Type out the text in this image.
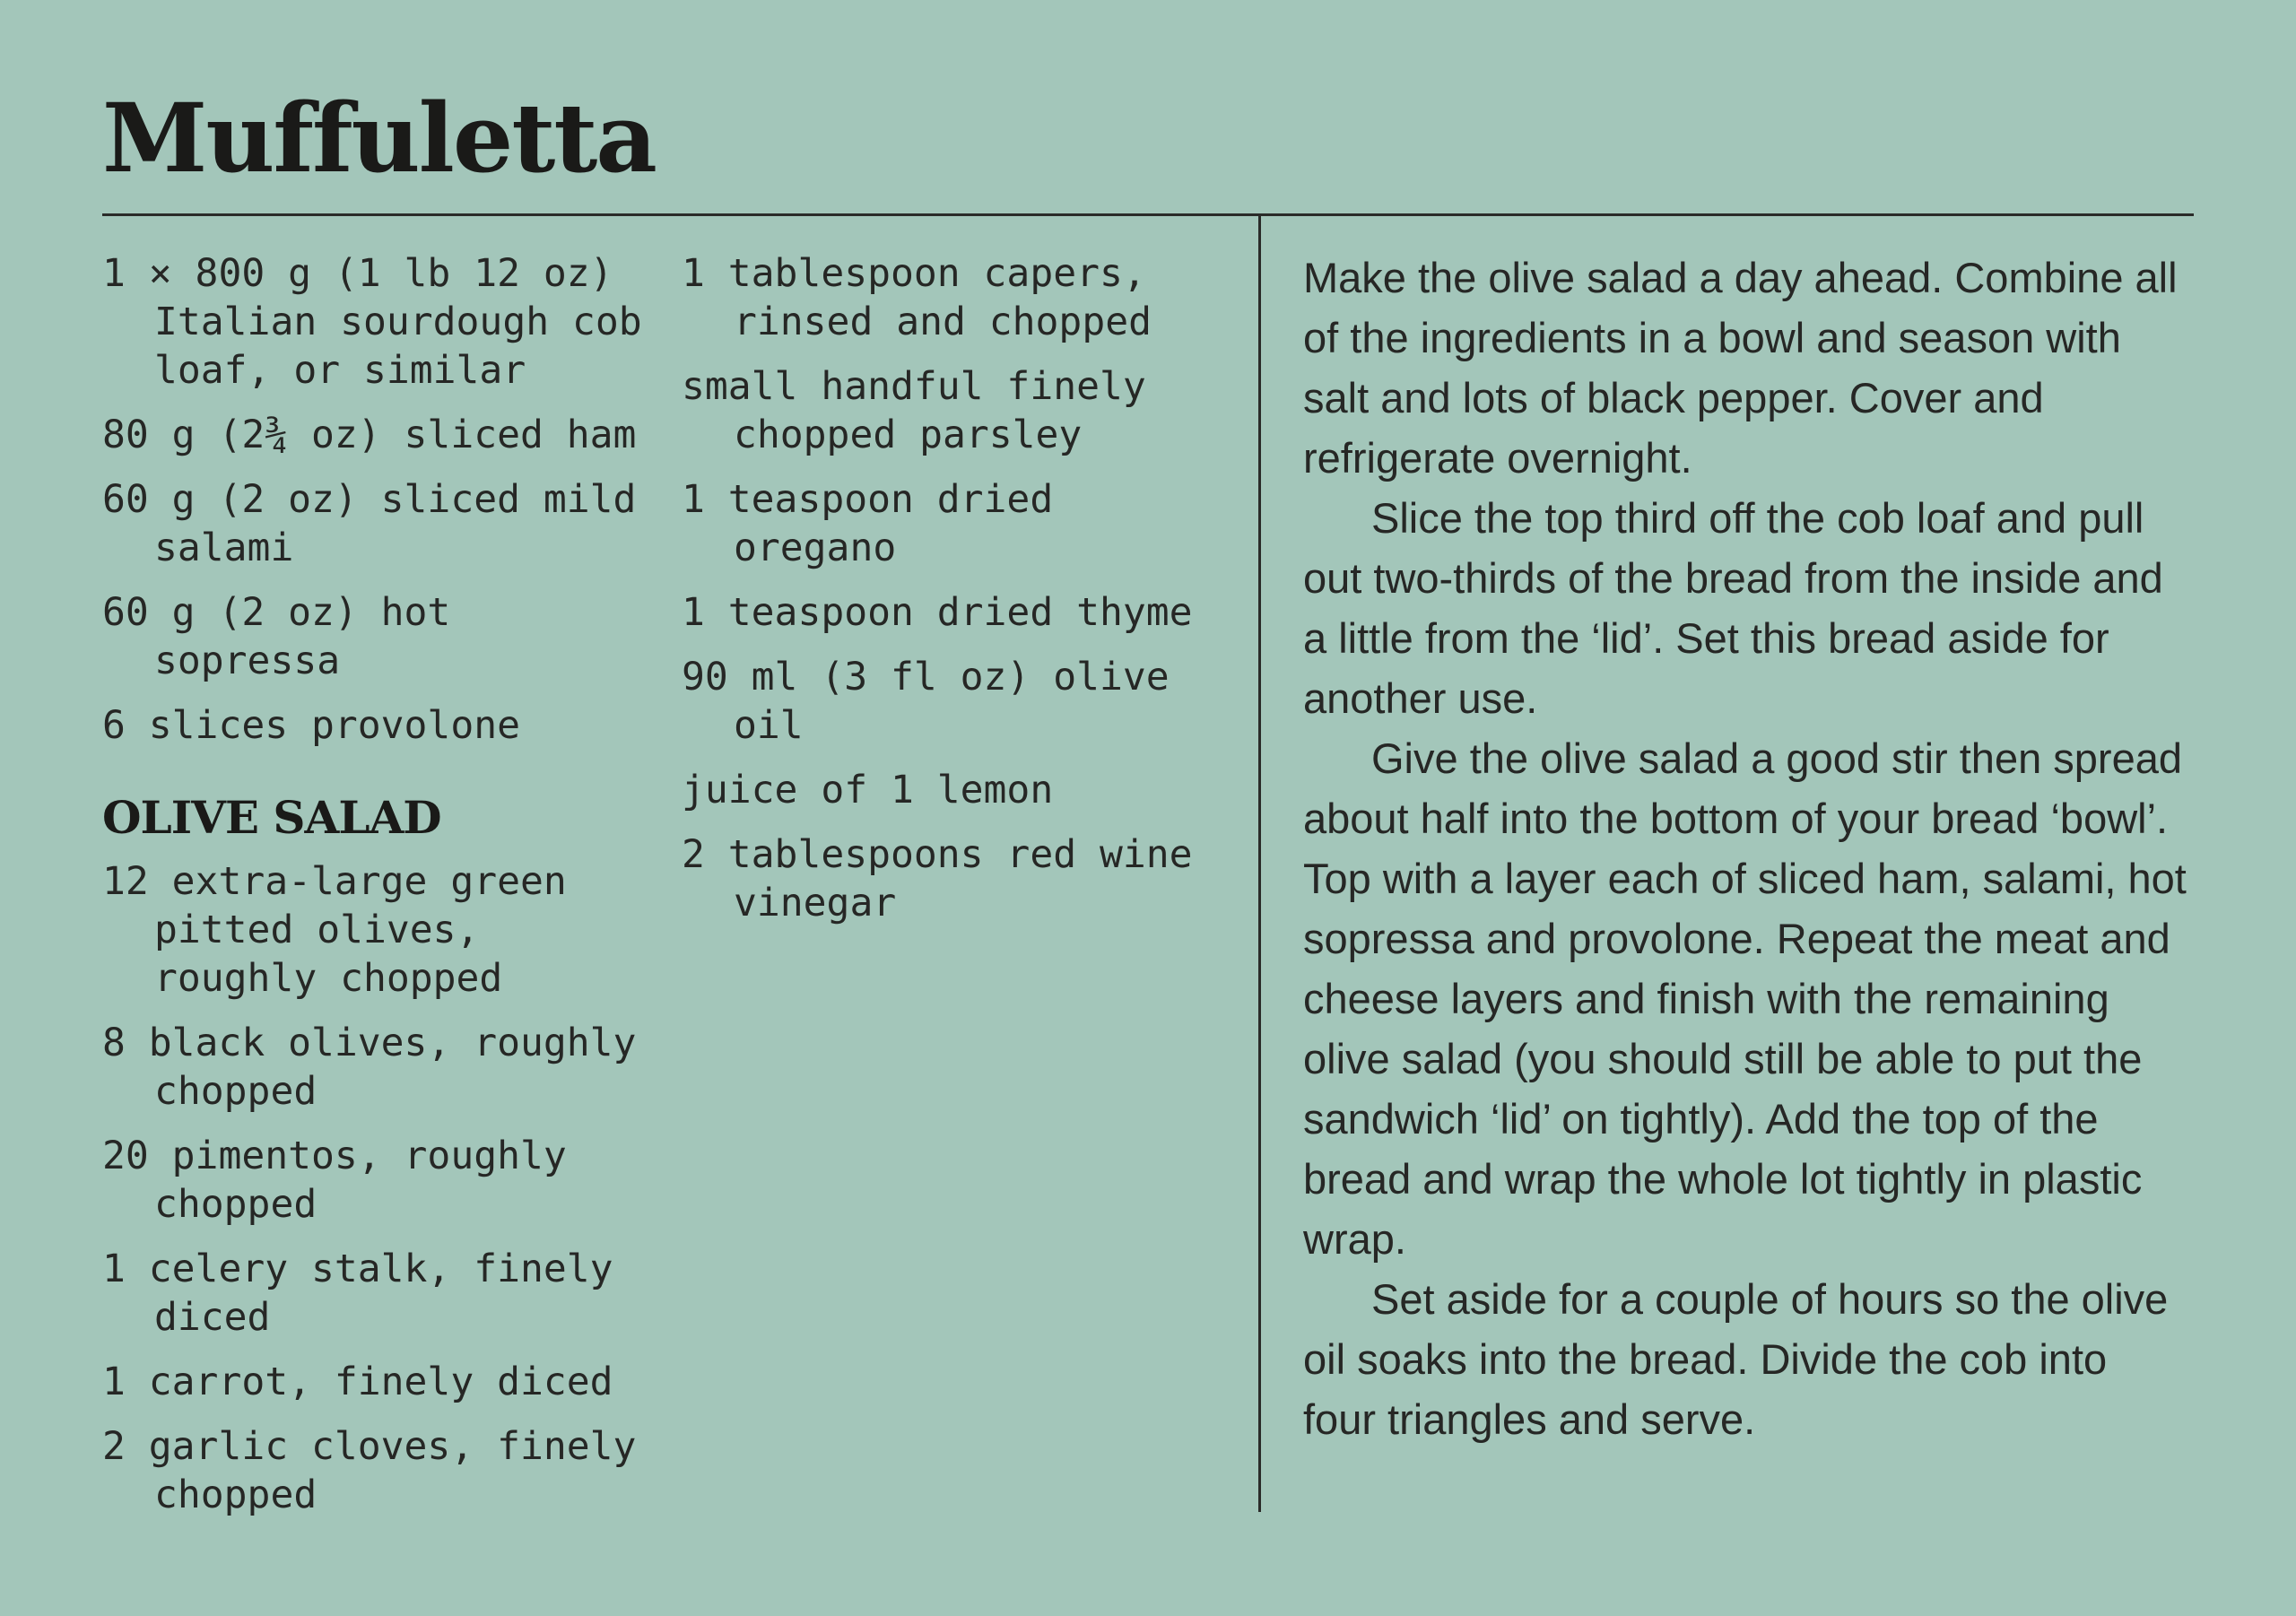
Muffuletta
1 × 800 g (1 lb 12 oz) Italian sourdough cob loaf, or similar
80 g (2¾ oz) sliced ham
60 g (2 oz) sliced mild salami
60 g (2 oz) hot sopressa
6 slices provolone
OLIVE SALAD
12 extra-large green pitted olives, roughly chopped
8 black olives, roughly chopped
20 pimentos, roughly chopped
1 celery stalk, finely diced
1 carrot, finely diced
2 garlic cloves, finely chopped
1 tablespoon capers, rinsed and chopped
small handful finely chopped parsley
1 teaspoon dried oregano
1 teaspoon dried thyme
90 ml (3 fl oz) olive oil
juice of 1 lemon
2 tablespoons red wine vinegar

Make the olive salad a day ahead. Combine all of the ingredients in a bowl and season with salt and lots of black pepper. Cover and refrigerate overnight.

Slice the top third off the cob loaf and pull out two-thirds of the bread from the inside and a little from the ‘lid’. Set this bread aside for another use.

Give the olive salad a good stir then spread about half into the bottom of your bread ‘bowl’. Top with a layer each of sliced ham, salami, hot sopressa and provolone. Repeat the meat and cheese layers and finish with the remaining olive salad (you should still be able to put the sandwich ‘lid’ on tightly). Add the top of the bread and wrap the whole lot tightly in plastic wrap.

Set aside for a couple of hours so the olive oil soaks into the bread. Divide the cob into four triangles and serve.
